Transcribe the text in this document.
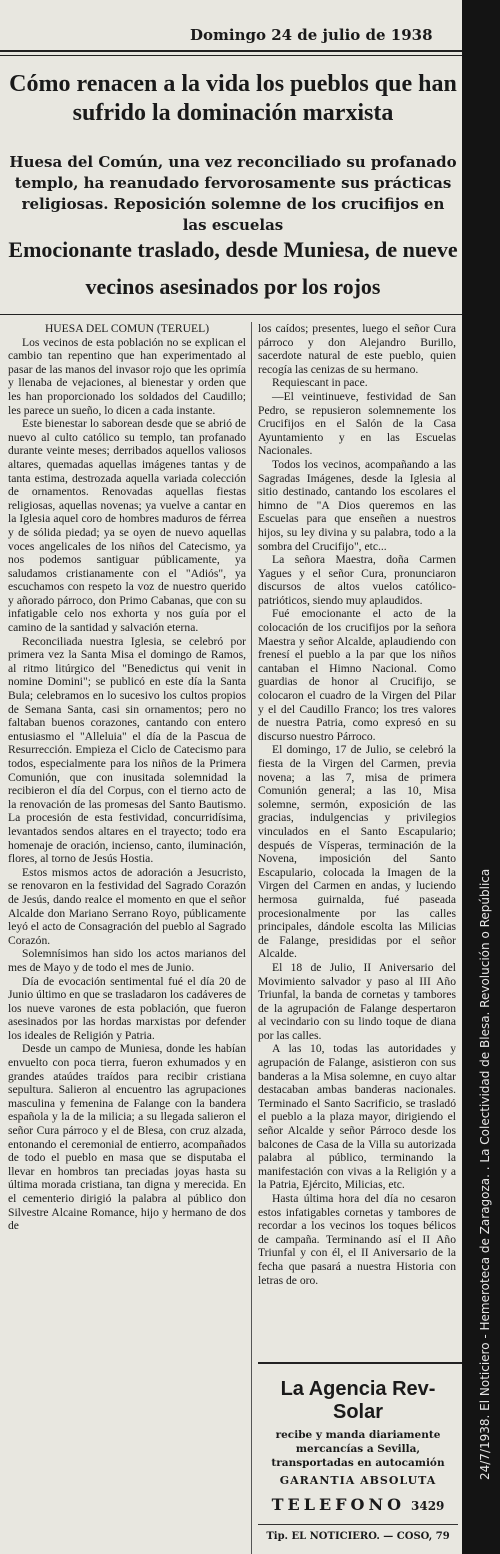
Domingo 24 de julio de 1938
Cómo renacen a la vida los pueblos que han sufrido la dominación marxista
Huesa del Común, una vez reconciliado su profanado templo, ha reanudado fervorosamente sus prácticas religiosas. Reposición solemne de los crucifijos en las escuelas
Emocionante traslado, desde Muniesa, de nueve vecinos asesinados por los rojos

HUESA DEL COMUN (TERUEL)

Los vecinos de esta población no se explican el cambio tan repentino que han experimentado al pasar de las manos del invasor rojo que les oprimía y llenaba de vejaciones, al bienestar y orden que les han proporcionado los soldados del Caudillo; les parece un sueño, lo dicen a cada instante.

Este bienestar lo saborean desde que se abrió de nuevo al culto católico su templo, tan profanado durante veinte meses; derribados aquellos valiosos altares, quemadas aquellas imágenes tantas y de tanta estima, destrozada aquella variada colección de ornamentos. Renovadas aquellas fiestas religiosas, aquellas novenas; ya vuelve a cantar en la Iglesia aquel coro de hombres maduros de férrea y de sólida piedad; ya se oyen de nuevo aquellas voces angelicales de los niños del Catecismo, ya nos podemos santiguar públicamente, ya saludamos cristianamente con el "Adiós", ya escuchamos con respeto la voz de nuestro querido y añorado párroco, don Primo Cabanas, que con su infatigable celo nos exhorta y nos guía por el camino de la santidad y salvación eterna.

Reconciliada nuestra Iglesia, se celebró por primera vez la Santa Misa el domingo de Ramos, al ritmo litúrgico del "Benedictus qui venit in nomine Domini"; se publicó en este día la Santa Bula; celebramos en lo sucesivo los cultos propios de Semana Santa, casi sin ornamentos; pero no faltaban buenos corazones, cantando con entero entusiasmo el "Alleluia" el día de la Pascua de Resurrección. Empieza el Ciclo de Catecismo para todos, especialmente para los niños de la Primera Comunión, que con inusitada solemnidad la recibieron el día del Corpus, con el tierno acto de la renovación de las promesas del Santo Bautismo. La procesión de esta festividad, concurridísima, levantados sendos altares en el trayecto; todo era homenaje de oración, incienso, canto, iluminación, flores, al torno de Jesús Hostia.

Estos mismos actos de adoración a Jesucristo, se renovaron en la festividad del Sagrado Corazón de Jesús, dando realce el momento en que el señor Alcalde don Mariano Serrano Royo, públicamente leyó el acto de Consagración del pueblo al Sagrado Corazón.

Solemnísimos han sido los actos marianos del mes de Mayo y de todo el mes de Junio.

Día de evocación sentimental fué el día 20 de Junio último en que se trasladaron los cadáveres de los nueve varones de esta población, que fueron asesinados por las hordas marxistas por defender los ideales de Religión y Patria.

Desde un campo de Muniesa, donde les habían envuelto con poca tierra, fueron exhumados y en grandes ataúdes traídos para recibir cristiana sepultura. Salieron al encuentro las agrupaciones masculina y femenina de Falange con la bandera española y la de la milicia; a su llegada salieron el señor Cura párroco y el de Blesa, con cruz alzada, entonando el ceremonial de entierro, acompañados de todo el pueblo en masa que se disputaba el llevar en hombros tan preciadas joyas hasta su última morada cristiana, tan digna y merecida. En el cementerio dirigió la palabra al público don Silvestre Alcaine Romance, hijo y hermano de dos de

los caídos; presentes, luego el señor Cura párroco y don Alejandro Burillo, sacerdote natural de este pueblo, quien recogía las cenizas de su hermano.

Requiescant in pace.

—El veintinueve, festividad de San Pedro, se repusieron solemnemente los Crucifijos en el Salón de la Casa Ayuntamiento y en las Escuelas Nacionales.

Todos los vecinos, acompañando a las Sagradas Imágenes, desde la Iglesia al sitio destinado, cantando los escolares el himno de "A Dios queremos en las Escuelas para que enseñen a nuestros hijos, su ley divina y su palabra, todo a la sombra del Crucifijo", etc...

La señora Maestra, doña Carmen Yagues y el señor Cura, pronunciaron discursos de altos vuelos católico-patrióticos, siendo muy aplaudidos.

Fué emocionante el acto de la colocación de los crucifijos por la señora Maestra y señor Alcalde, aplaudiendo con frenesí el pueblo a la par que los niños cantaban el Himno Nacional. Como guardias de honor al Crucifijo, se colocaron el cuadro de la Virgen del Pilar y el del Caudillo Franco; los tres valores de nuestra Patria, como expresó en su discurso nuestro Párroco.

El domingo, 17 de Julio, se celebró la fiesta de la Virgen del Carmen, previa novena; a las 7, misa de primera Comunión general; a las 10, Misa solemne, sermón, exposición de las gracias, indulgencias y privilegios vinculados en el Santo Escapulario; después de Vísperas, terminación de la Novena, imposición del Santo Escapulario, colocada la Imagen de la Virgen del Carmen en andas, y luciendo hermosa guirnalda, fué paseada procesionalmente por las calles principales, dándole escolta las Milicias de Falange, presididas por el señor Alcalde.

El 18 de Julio, II Aniversario del Movimiento salvador y paso al III Año Triunfal, la banda de cornetas y tambores de la agrupación de Falange despertaron al vecindario con su lindo toque de diana por las calles.

A las 10, todas las autoridades y agrupación de Falange, asistieron con sus banderas a la Misa solemne, en cuyo altar destacaban ambas banderas nacionales. Terminado el Santo Sacrificio, se trasladó el pueblo a la plaza mayor, dirigiendo el señor Alcalde y señor Párroco desde los balcones de Casa de la Villa su autorizada palabra al público, terminando la manifestación con vivas a la Religión y a la Patria, Ejército, Milicias, etc.

Hasta última hora del día no cesaron estos infatigables cornetas y tambores de recordar a los vecinos los toques bélicos de campaña. Terminando así el II Año Triunfal y con él, el II Aniversario de la fecha que pasará a nuestra Historia con letras de oro.

La Agencia Rev-Solar
recibe y manda diariamente mercancías a Sevilla, transportadas en autocamión
GARANTIA ABSOLUTA
TELEFONO 3429
Tip. EL NOTICIERO. — COSO, 79
24/7/1938. El Noticiero - Hemeroteca de Zaragoza. . La Colectividad de Blesa. Revolución o República
